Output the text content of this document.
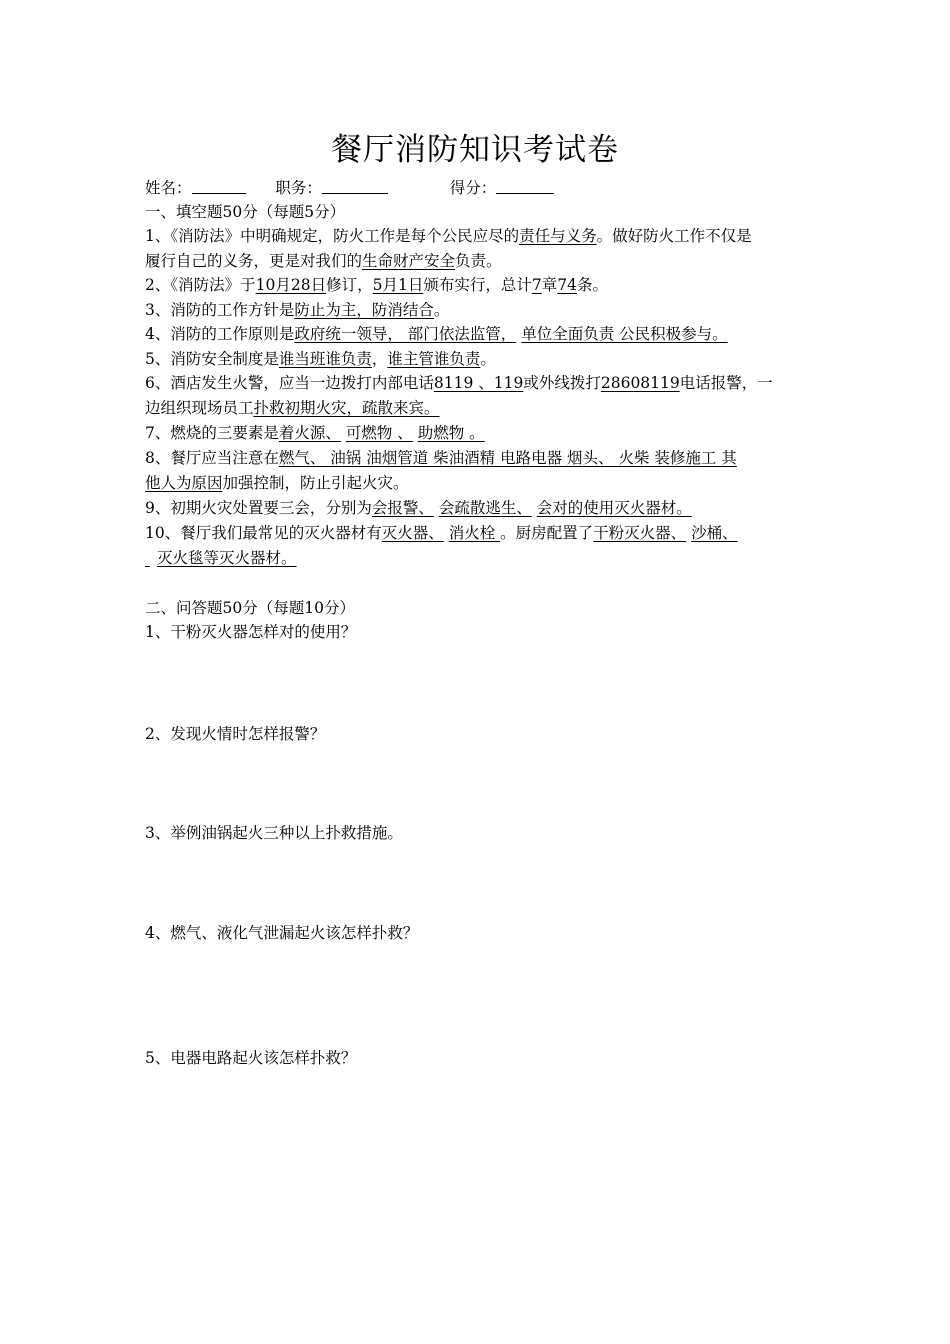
餐厅消防知识考试卷
姓名：	职务：	得分：
一、填空题50分（每题5分）
1、《消防法》中明确规定，防火工作是每个公民应尽的责任与义务。做好防火工作不仅是
履行自己的义务，更是对我们的生命财产安全负责。
2、《消防法》于10月28日修订，5月1日颁布实行，总计7章74条。
3、消防的工作方针是防止为主，防消结合。
4、消防的工作原则是政府统一领导， 部门依法监管， 单位全面负责 公民积极参与。
5、消防安全制度是谁当班谁负责，谁主管谁负责。
6、酒店发生火警，应当一边拨打内部电话8119 、119或外线拨打28608119电话报警，一
边组织现场员工扑救初期火灾，疏散来宾。
7、燃烧的三要素是着火源、 可燃物 、 助燃物 。
8、餐厅应当注意在燃气、 油锅 油烟管道 柴油酒精 电路电器 烟头、 火柴 装修施工 其
他人为原因加强控制，防止引起火灾。
9、初期火灾处置要三会，分别为会报警、 会疏散逃生、 会对的使用灭火器材。
10、餐厅我们最常见的灭火器材有灭火器、 消火栓 。厨房配置了干粉灭火器、 沙桶、
灭火毯等灭火器材。
二、问答题50分（每题10分）
1、干粉灭火器怎样对的使用？
2、发现火情时怎样报警？
3、举例油锅起火三种以上扑救措施。
4、燃气、液化气泄漏起火该怎样扑救？
5、电器电路起火该怎样扑救？
